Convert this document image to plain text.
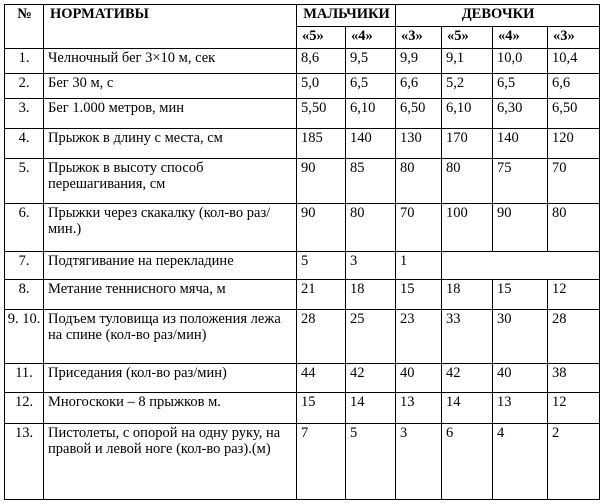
№	НОРМАТИВЫ	МАЛЬЧИКИ		ДЕВОЧКИ			
		«5»	«4»	«3»	«5»	«4»	«3»
1.	Челночный бег 3×10 м, сек	8,6	9,5	9,9	9,1	10,0	10,4
2.	Бег 30 м, с	5,0	6,5	6,6	5,2	6,5	6,6
3.	Бег 1.000 метров, мин	5,50	6,10	6,50	6,10	6,30	6,50
4.	Прыжок в длину с места, см	185	140	130	170	140	120
5.	Прыжок в высоту способ перешагивания, см	90	85	80	80	75	70
6.	Прыжки через скакалку (кол-во раз/мин.)	90	80	70	100	90	80
7.	Подтягивание на перекладине	5	3	1			
8.	Метание теннисного мяча, м	21	18	15	18	15	12
9. 10.	Подъем туловища из положения лежа на спине (кол-во раз/мин)	28	25	23	33	30	28
11.	Приседания (кол-во раз/мин)	44	42	40	42	40	38
12.	Многоскоки – 8 прыжков м.	15	14	13	14	13	12
13.	Пистолеты, с опорой на одну руку, на правой и левой ноге (кол-во раз).(м)	7	5	3	6	4	2
